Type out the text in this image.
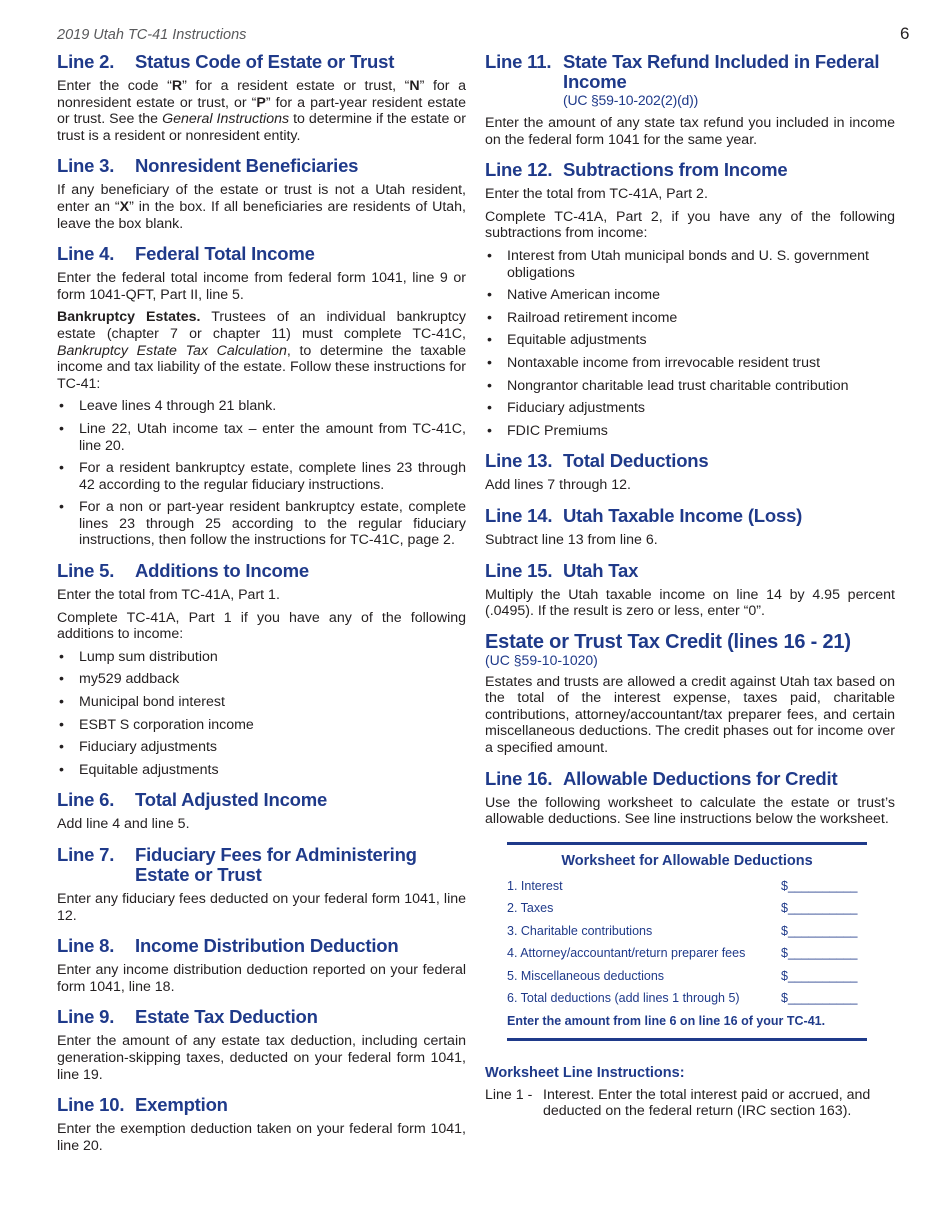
2019 Utah TC-41 Instructions	6
Line 2. Status Code of Estate or Trust

Enter the code “R” for a resident estate or trust, “N” for a nonresident estate or trust, or “P” for a part-year resident estate or trust. See the General Instructions to determine if the estate or trust is a resident or nonresident entity.

Line 3. Nonresident Beneficiaries

If any beneficiary of the estate or trust is not a Utah resident, enter an “X” in the box. If all beneficiaries are residents of Utah, leave the box blank.

Line 4. Federal Total Income

Enter the federal total income from federal form 1041, line 9 or form 1041-QFT, Part II, line 5.

Bankruptcy Estates. Trustees of an individual bankruptcy estate (chapter 7 or chapter 11) must complete TC-41C, Bankruptcy Estate Tax Calculation, to determine the taxable income and tax liability of the estate. Follow these instructions for TC-41:

• Leave lines 4 through 21 blank.
• Line 22, Utah income tax – enter the amount from TC-41C, line 20.
• For a resident bankruptcy estate, complete lines 23 through 42 according to the regular fiduciary instructions.
• For a non or part-year resident bankruptcy estate, complete lines 23 through 25 according to the regular fiduciary instructions, then follow the instructions for TC-41C, page 2.
Line 5. Additions to Income

Enter the total from TC-41A, Part 1.

Complete TC-41A, Part 1 if you have any of the following additions to income:

• Lump sum distribution
• my529 addback
• Municipal bond interest
• ESBT S corporation income
• Fiduciary adjustments
• Equitable adjustments
Line 6. Total Adjusted Income

Add line 4 and line 5.

Line 7.	Fiduciary Fees for Administering Estate or Trust

Enter any fiduciary fees deducted on your federal form 1041, line 12.

Line 8. Income Distribution Deduction

Enter any income distribution deduction reported on your federal form 1041, line 18.

Line 9. Estate Tax Deduction

Enter the amount of any estate tax deduction, including certain generation-skipping taxes, deducted on your federal form 1041, line 19.

Line 10. Exemption

Enter the exemption deduction taken on your federal form 1041, line 20.

Line 11. State Tax Refund Included in Federal Income
(UC §59-10-202(2)(d))

Enter the amount of any state tax refund you included in income on the federal form 1041 for the same year.

Line 12. Subtractions from Income

Enter the total from TC-41A, Part 2.

Complete TC-41A, Part 2, if you have any of the following subtractions from income:

• Interest from Utah municipal bonds and U. S. government obligations
• Native American income
• Railroad retirement income
• Equitable adjustments
• Nontaxable income from irrevocable resident trust
• Nongrantor charitable lead trust charitable contribution
• Fiduciary adjustments
• FDIC Premiums
Line 13. Total Deductions

Add lines 7 through 12.

Line 14. Utah Taxable Income (Loss)

Subtract line 13 from line 6.

Line 15. Utah Tax

Multiply the Utah taxable income on line 14 by 4.95 percent (.0495). If the result is zero or less, enter “0”.

Estate or Trust Tax Credit (lines 16 - 21)
(UC §59-10-1020)

Estates and trusts are allowed a credit against Utah tax based on the total of the interest expense, taxes paid, charitable contributions, attorney/accountant/tax preparer fees, and certain miscellaneous deductions. The credit phases out for income over a specified amount.

Line 16. Allowable Deductions for Credit

Use the following worksheet to calculate the estate or trust’s allowable deductions. See line instructions below the worksheet.

Worksheet for Allowable Deductions
1. Interest	$__________
2. Taxes	$__________
3. Charitable contributions	$__________
4. Attorney/accountant/return preparer fees	$__________
5. Miscellaneous deductions	$__________
6. Total deductions (add lines 1 through 5)	$__________
Enter the amount from line 6 on line 16 of your TC-41.
Worksheet Line Instructions:
Line 1 - Interest. Enter the total interest paid or accrued, and deducted on the federal return (IRC section 163).
